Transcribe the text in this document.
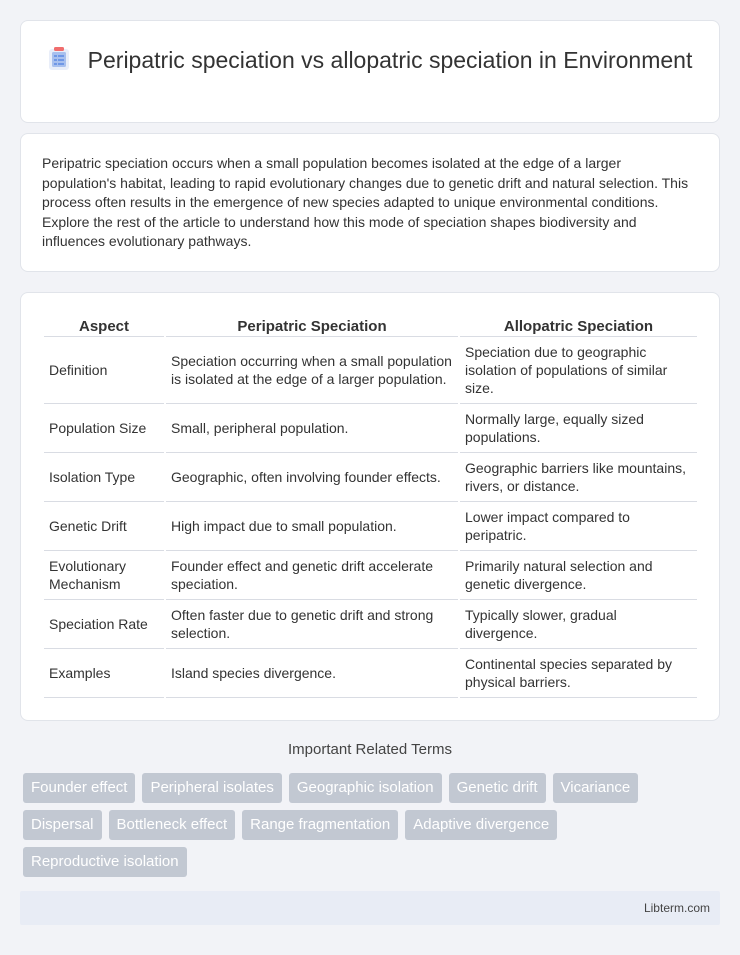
Peripatric speciation vs allopatric speciation in Environment

Peripatric speciation occurs when a small population becomes isolated at the edge of a larger population's habitat, leading to rapid evolutionary changes due to genetic drift and natural selection. This process often results in the emergence of new species adapted to unique environmental conditions. Explore the rest of the article to understand how this mode of speciation shapes biodiversity and influences evolutionary pathways.

Aspect	Peripatric Speciation	Allopatric Speciation
Definition	Speciation occurring when a small population is isolated at the edge of a larger population.	Speciation due to geographic isolation of populations of similar size.
Population Size	Small, peripheral population.	Normally large, equally sized populations.
Isolation Type	Geographic, often involving founder effects.	Geographic barriers like mountains, rivers, or distance.
Genetic Drift	High impact due to small population.	Lower impact compared to peripatric.
Evolutionary Mechanism	Founder effect and genetic drift accelerate speciation.	Primarily natural selection and genetic divergence.
Speciation Rate	Often faster due to genetic drift and strong selection.	Typically slower, gradual divergence.
Examples	Island species divergence.	Continental species separated by physical barriers.
Important Related Terms
Founder effect	Peripheral isolates	Geographic isolation	Genetic drift	Vicariance
Dispersal	Bottleneck effect	Range fragmentation	Adaptive divergence
Reproductive isolation
Libterm.com
